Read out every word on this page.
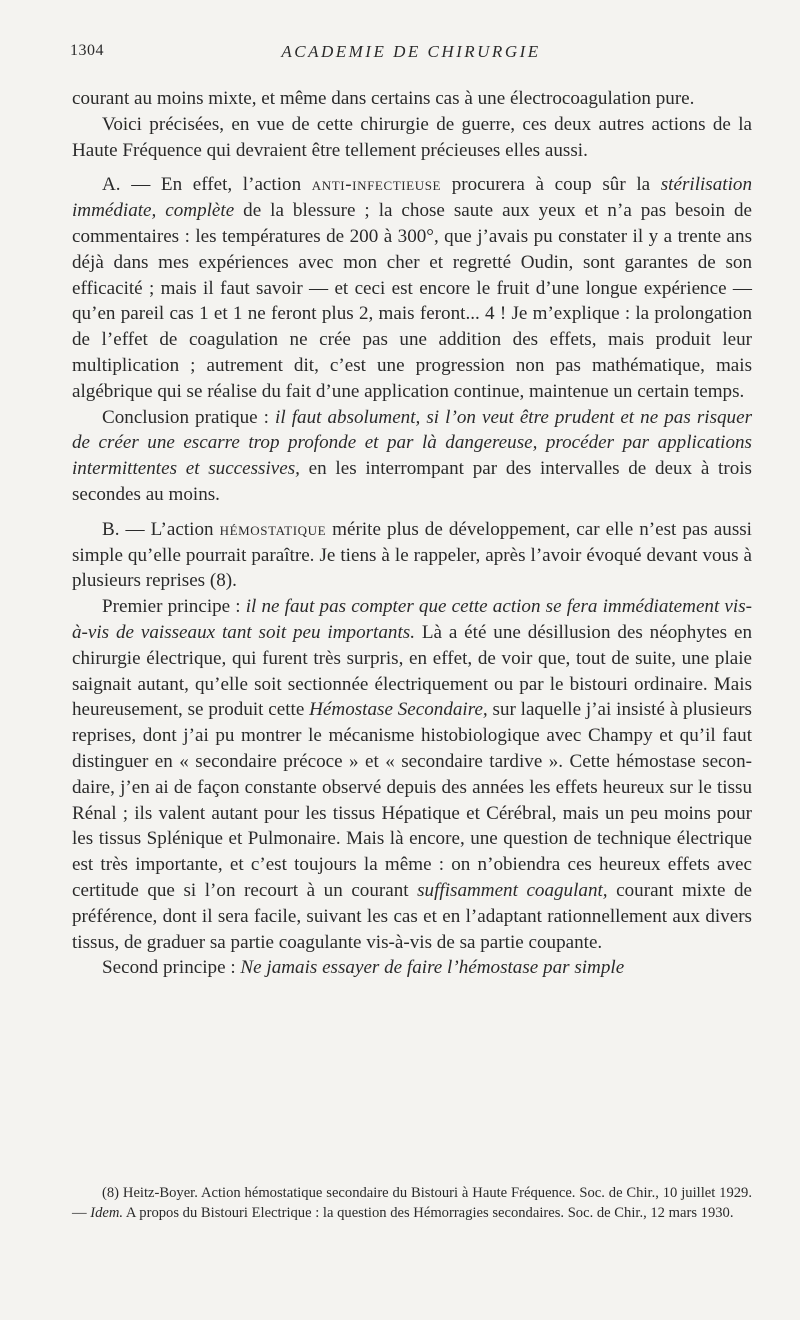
1304	ACADEMIE DE CHIRURGIE

courant au moins mixte, et même dans certains cas à une électrocoagulation pure.

Voici précisées, en vue de cette chirurgie de guerre, ces deux autres actions de la Haute Fréquence qui devraient être tellement précieuses elles aussi.

A. — En effet, l’action anti-infectieuse procurera à coup sûr la stérilisation immédiate, complète de la blessure ; la chose saute aux yeux et n’a pas besoin de commentaires : les températures de 200 à 300°, que j’avais pu constater il y a trente ans déjà dans mes expériences avec mon cher et regretté Oudin, sont garantes de son efficacité ; mais il faut savoir — et ceci est encore le fruit d’une longue expérience — qu’en pareil cas 1 et 1 ne feront plus 2, mais feront... 4 ! Je m’explique : la prolongation de l’effet de coagulation ne crée pas une addition des effets, mais produit leur multiplication ; autrement dit, c’est une progression non pas mathématique, mais algébrique qui se réalise du fait d’une application continue, maintenue un certain temps.

Conclusion pratique : il faut absolument, si l’on veut être prudent et ne pas risquer de créer une escarre trop profonde et par là dangereuse, procéder par applications intermittentes et successives, en les interrompant par des intervalles de deux à trois secondes au moins.

B. — L’action hémostatique mérite plus de développement, car elle n’est pas aussi simple qu’elle pourrait paraître. Je tiens à le rappeler, après l’avoir évoqué devant vous à plusieurs reprises (8).

Premier principe : il ne faut pas compter que cette action se fera immédiatement vis-à-vis de vaisseaux tant soit peu importants. Là a été une désillusion des néophytes en chirurgie électrique, qui furent très surpris, en effet, de voir que, tout de suite, une plaie saignait autant, qu’elle soit sectionnée électriquement ou par le bistouri ordinaire. Mais heureusement, se produit cette Hémostase Secondaire, sur laquelle j’ai insisté à plusieurs reprises, dont j’ai pu montrer le mécanisme histobiologique avec Champy et qu’il faut distinguer en « secondaire précoce » et « secondaire tardive ». Cette hémostase secondaire, j’en ai de façon constante observé depuis des années les effets heureux sur le tissu Rénal ; ils valent autant pour les tissus Hépatique et Cérébral, mais un peu moins pour les tissus Splénique et Pulmonaire. Mais là encore, une question de technique électrique est très importante, et c’est toujours la même : on n’obiendra ces heureux effets avec certitude que si l’on recourt à un courant suffisamment coagulant, courant mixte de préférence, dont il sera facile, suivant les cas et en l’adaptant rationnellement aux divers tissus, de graduer sa partie coagulante vis-à-vis de sa partie coupante.

Second principe : Ne jamais essayer de faire l’hémostase par simple

(8) Heitz-Boyer. Action hémostatique secondaire du Bistouri à Haute Fréquence. Soc. de Chir., 10 juillet 1929. — Idem. A propos du Bistouri Electrique : la question des Hémorragies secondaires. Soc. de Chir., 12 mars 1930.
